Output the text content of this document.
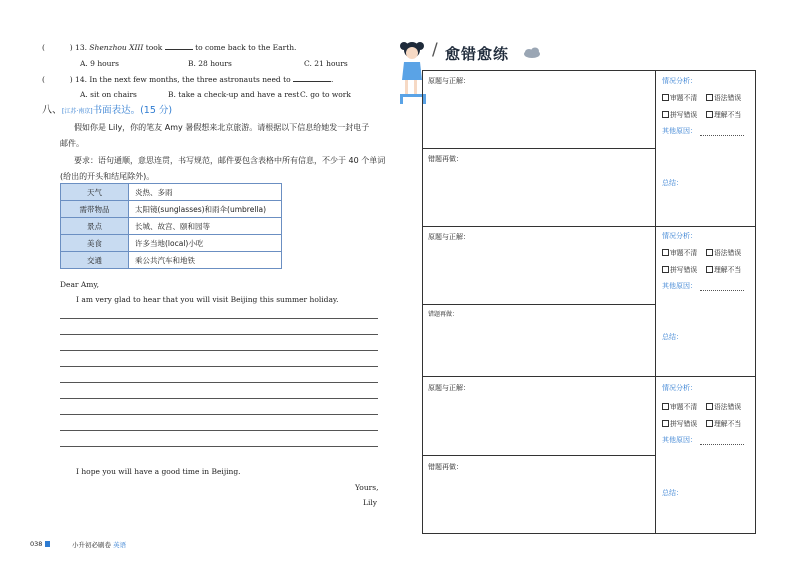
(	) 13. Shenzhou XIII took	to come back to the Earth.
A. 9 hours	B. 28 hours	C. 21 hours
(	) 14. In the next few months, the three astronauts need to	.
A. sit on chairs	B. take a check-up and have a rest C. go to work
八、[江苏·南京]书面表达。(15 分)
假如你是 Lily，你的笔友 Amy 暑假想来北京旅游。请根据以下信息给她发一封电子
邮件。
要求：语句通顺，意思连贯，书写规范，邮件要包含表格中所有信息，不少于 40 个单词
(给出的开头和结尾除外)。
天气	炎热、多雨
需带物品	太阳镜(sunglasses)和雨伞(umbrella)
景点	长城、故宫、颐和园等
美食	许多当地(local)小吃
交通	乘公共汽车和地铁
Dear Amy,
I am very glad to hear that you will visit Beijing this summer holiday.
I hope you will have a good time in Beijing.
Yours,
Lily
038	小升初必刷卷 英语
/ 愈错愈练
原题与正解：
错题再做：
情况分析：
审题不清	语法错误
拼写错误	理解不当
其他原因：
总结：
原题与正解：
错题再做：
情况分析：
审题不清	语法错误
拼写错误	理解不当
其他原因：
总结：
原题与正解：
错题再做：
情况分析：
审题不清	语法错误
拼写错误	理解不当
其他原因：
总结：
